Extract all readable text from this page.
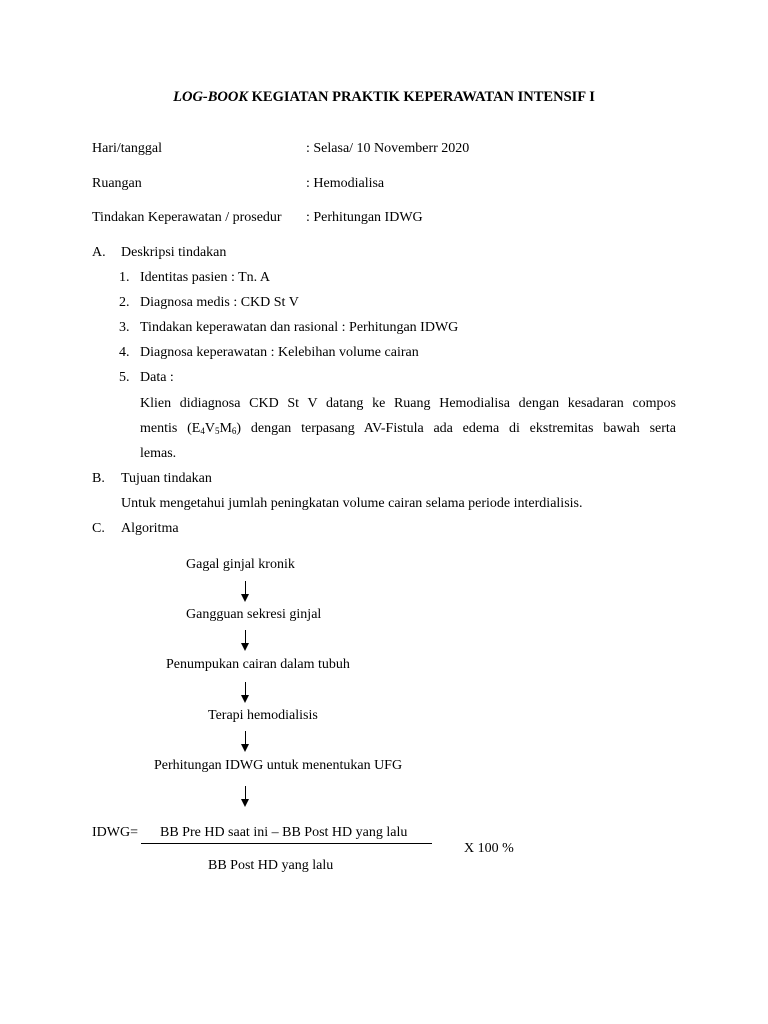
LOG-BOOK KEGIATAN PRAKTIK KEPERAWATAN INTENSIF I
Hari/tanggal	: Selasa/ 10 Novemberr 2020
Ruangan	: Hemodialisa
Tindakan Keperawatan / prosedur : Perhitungan IDWG
A. Deskripsi tindakan
1. Identitas pasien : Tn. A
2. Diagnosa medis : CKD St V
3. Tindakan keperawatan dan rasional : Perhitungan IDWG
4. Diagnosa keperawatan : Kelebihan volume cairan
5. Data :
Klien didiagnosa CKD St V datang ke Ruang Hemodialisa dengan kesadaran compos
mentis $(E_4V_5M_6)$ dengan terpasang AV-Fistula ada edema di ekstremitas bawah serta
lemas.
B. Tujuan tindakan
Untuk mengetahui jumlah peningkatan volume cairan selama periode interdialisis.
C. Algoritma
Gagal ginjal kronik
Gangguan sekresi ginjal
Penumpukan cairan dalam tubuh
Terapi hemodialisis
Perhitungan IDWG untuk menentukan UFG
IDWG= BB Pre HD saat ini – BB Post HD yang lalu
BB Post HD yang lalu
X 100 %
